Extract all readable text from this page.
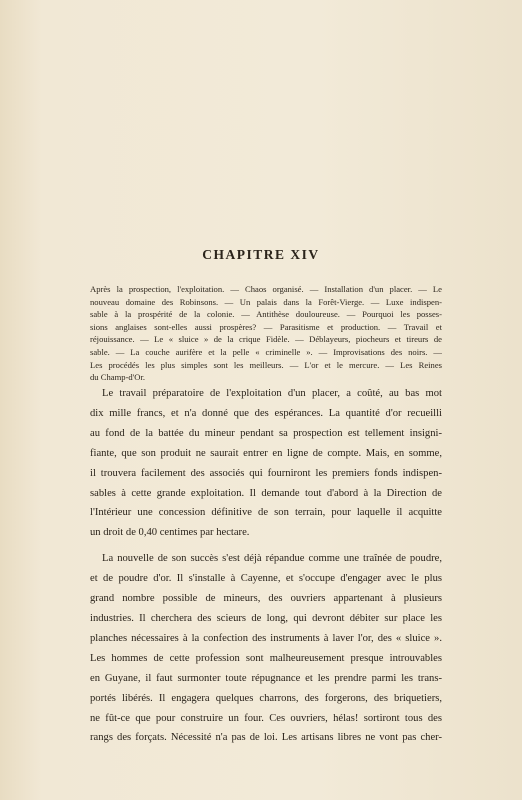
CHAPITRE XIV
Après la prospection, l'exploitation. — Chaos organisé. — Installation d'un placer. — Le
nouveau domaine des Robinsons. — Un palais dans la Forêt-Vierge. — Luxe indispen-
sable à la prospérité de la colonie. — Antithèse douloureuse. — Pourquoi les posses-
sions anglaises sont-elles aussi prospères? — Parasitisme et production. — Travail et
réjouissance. — Le « sluice » de la crique Fidèle. — Déblayeurs, piocheurs et tireurs de
sable. — La couche aurifère et la pelle « criminelle ». — Improvisations des noirs. —
Les procédés les plus simples sont les meilleurs. — L'or et le mercure. — Les Reines
du Champ-d'Or.
Le travail préparatoire de l'exploitation d'un placer, a coûté, au bas mot
dix mille francs, et n'a donné que des espérances. La quantité d'or recueilli
au fond de la battée du mineur pendant sa prospection est tellement insigni-
fiante, que son produit ne saurait entrer en ligne de compte. Mais, en somme,
il trouvera facilement des associés qui fourniront les premiers fonds indispen-
sables à cette grande exploitation. Il demande tout d'abord à la Direction de
l'Intérieur une concession définitive de son terrain, pour laquelle il acquitte
un droit de 0,40 centimes par hectare.
La nouvelle de son succès s'est déjà répandue comme une traînée de poudre,
et de poudre d'or. Il s'installe à Cayenne, et s'occupe d'engager avec le plus
grand nombre possible de mineurs, des ouvriers appartenant à plusieurs
industries. Il cherchera des scieurs de long, qui devront débiter sur place les
planches nécessaires à la confection des instruments à laver l'or, des « sluice ».
Les hommes de cette profession sont malheureusement presque introuvables
en Guyane, il faut surmonter toute répugnance et les prendre parmi les trans-
portés libérés. Il engagera quelques charrons, des forgerons, des briquetiers,
ne fût-ce que pour construire un four. Ces ouvriers, hélas! sortiront tous des
rangs des forçats. Nécessité n'a pas de loi. Les artisans libres ne vont pas cher-
